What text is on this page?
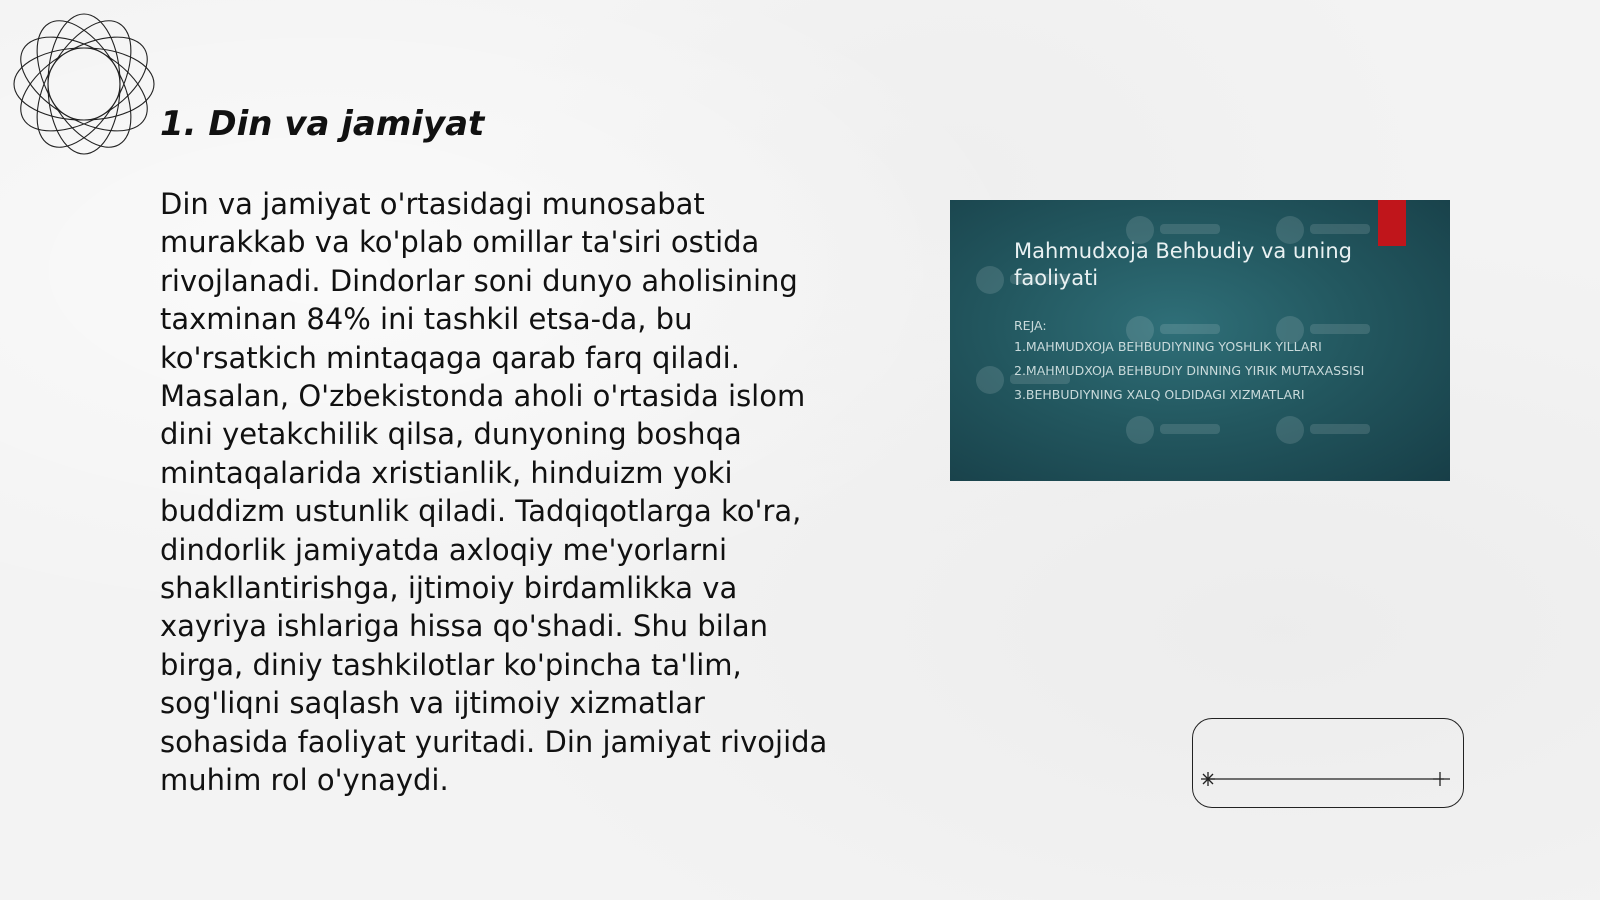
1. Din va jamiyat

Din va jamiyat o'rtasidagi munosabat murakkab va ko'plab omillar ta'siri ostida rivojlanadi. Dindorlar soni dunyo aholisining taxminan 84% ini tashkil etsa-da, bu ko'rsatkich mintaqaga qarab farq qiladi. Masalan, O'zbekistonda aholi o'rtasida islom dini yetakchilik qilsa, dunyoning boshqa mintaqalarida xristianlik, hinduizm yoki buddizm ustunlik qiladi. Tadqiqotlarga ko'ra, dindorlik jamiyatda axloqiy me'yorlarni shakllantirishga, ijtimoiy birdamlikka va xayriya ishlariga hissa qo'shadi. Shu bilan birga, diniy tashkilotlar ko'pincha ta'lim, sog'liqni saqlash va ijtimoiy xizmatlar sohasida faoliyat yuritadi. Din jamiyat rivojida muhim rol o'ynaydi.

Mahmudxoja Behbudiy va uning faoliyati
REJA:
1.MAHMUDXOJA BEHBUDIYNING YOSHLIK YILLARI
2.MAHMUDXOJA BEHBUDIY DINNING YIRIK MUTAXASSISI
3.BEHBUDIYNING XALQ OLDIDAGI XIZMATLARI
